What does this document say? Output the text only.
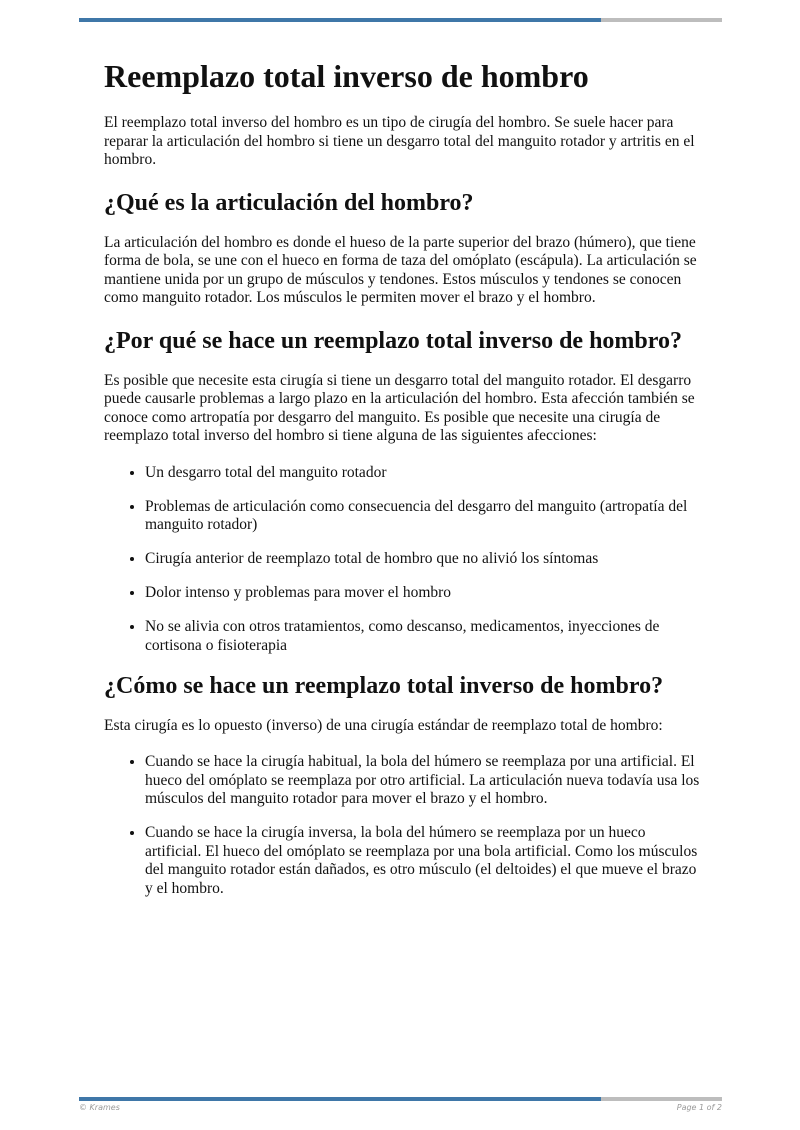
Reemplazo total inverso de hombro

El reemplazo total inverso del hombro es un tipo de cirugía del hombro. Se suele hacer para reparar la articulación del hombro si tiene un desgarro total del manguito rotador y artritis en el hombro.

¿Qué es la articulación del hombro?

La articulación del hombro es donde el hueso de la parte superior del brazo (húmero), que tiene forma de bola, se une con el hueco en forma de taza del omóplato (escápula). La articulación se mantiene unida por un grupo de músculos y tendones. Estos músculos y tendones se conocen como manguito rotador. Los músculos le permiten mover el brazo y el hombro.

¿Por qué se hace un reemplazo total inverso de hombro?

Es posible que necesite esta cirugía si tiene un desgarro total del manguito rotador. El desgarro puede causarle problemas a largo plazo en la articulación del hombro. Esta afección también se conoce como artropatía por desgarro del manguito. Es posible que necesite una cirugía de reemplazo total inverso del hombro si tiene alguna de las siguientes afecciones:

• Un desgarro total del manguito rotador
• Problemas de articulación como consecuencia del desgarro del manguito (artropatía del manguito rotador)
• Cirugía anterior de reemplazo total de hombro que no alivió los síntomas
• Dolor intenso y problemas para mover el hombro
• No se alivia con otros tratamientos, como descanso, medicamentos, inyecciones de cortisona o fisioterapia
¿Cómo se hace un reemplazo total inverso de hombro?

Esta cirugía es lo opuesto (inverso) de una cirugía estándar de reemplazo total de hombro:

• Cuando se hace la cirugía habitual, la bola del húmero se reemplaza por una artificial. El hueco del omóplato se reemplaza por otro artificial. La articulación nueva todavía usa los músculos del manguito rotador para mover el brazo y el hombro.
• Cuando se hace la cirugía inversa, la bola del húmero se reemplaza por un hueco artificial. El hueco del omóplato se reemplaza por una bola artificial. Como los músculos del manguito rotador están dañados, es otro músculo (el deltoides) el que mueve el brazo y el hombro.
© Krames	Page 1 of 2
